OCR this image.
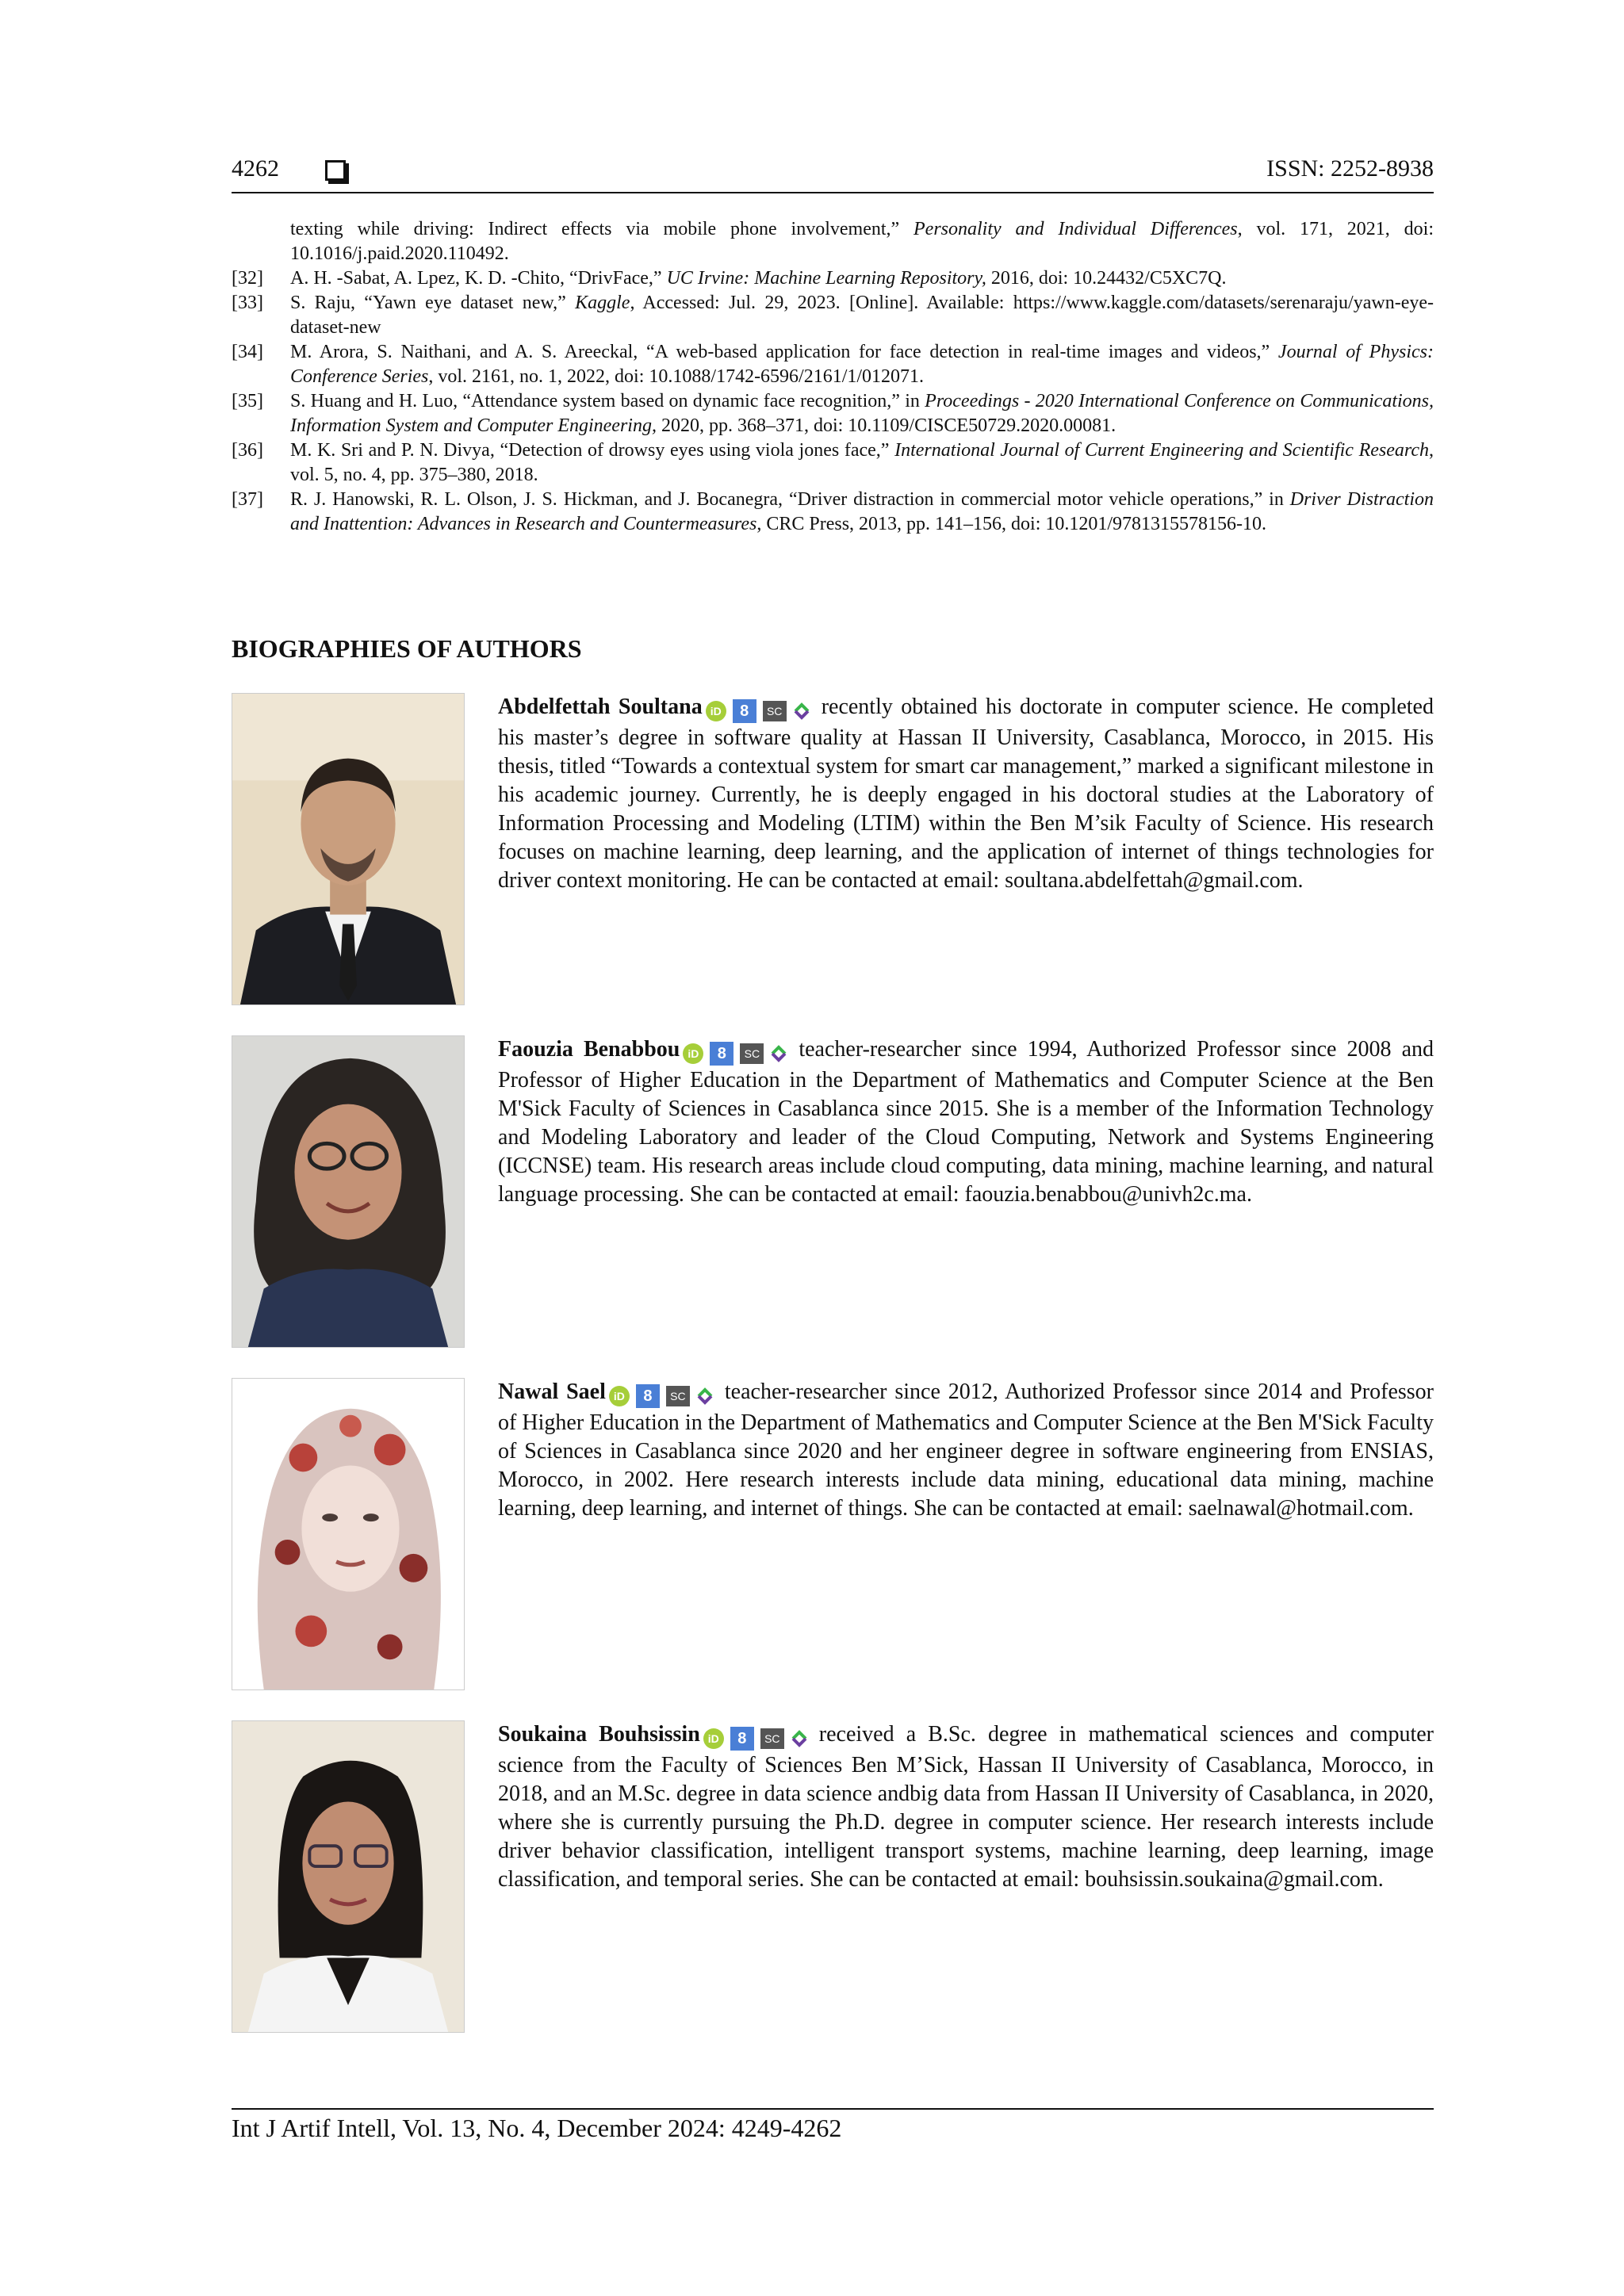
4262	ISSN: 2252-8938
texting while driving: Indirect effects via mobile phone involvement,” Personality and Individual Differences, vol. 171, 2021, doi: 10.1016/j.paid.2020.110492.
[32]	A. H. -Sabat, A. Lpez, K. D. -Chito, “DrivFace,” UC Irvine: Machine Learning Repository, 2016, doi: 10.24432/C5XC7Q.
[33]	S. Raju, “Yawn eye dataset new,” Kaggle, Accessed: Jul. 29, 2023. [Online]. Available: https://www.kaggle.com/datasets/serenaraju/yawn-eye-dataset-new
[34]	M. Arora, S. Naithani, and A. S. Areeckal, “A web-based application for face detection in real-time images and videos,” Journal of Physics: Conference Series, vol. 2161, no. 1, 2022, doi: 10.1088/1742-6596/2161/1/012071.
[35]	S. Huang and H. Luo, “Attendance system based on dynamic face recognition,” in Proceedings - 2020 International Conference on Communications, Information System and Computer Engineering, 2020, pp. 368–371, doi: 10.1109/CISCE50729.2020.00081.
[36]	M. K. Sri and P. N. Divya, “Detection of drowsy eyes using viola jones face,” International Journal of Current Engineering and Scientific Research, vol. 5, no. 4, pp. 375–380, 2018.
[37]	R. J. Hanowski, R. L. Olson, J. S. Hickman, and J. Bocanegra, “Driver distraction in commercial motor vehicle operations,” in Driver Distraction and Inattention: Advances in Research and Countermeasures, CRC Press, 2013, pp. 141–156, doi: 10.1201/9781315578156-10.
BIOGRAPHIES OF AUTHORS
Abdelfettah Soultana iD 8 SC recently obtained his doctorate in computer science. He completed his master’s degree in software quality at Hassan II University, Casablanca, Morocco, in 2015. His thesis, titled “Towards a contextual system for smart car management,” marked a significant milestone in his academic journey. Currently, he is deeply engaged in his doctoral studies at the Laboratory of Information Processing and Modeling (LTIM) within the Ben M’sik Faculty of Science. His research focuses on machine learning, deep learning, and the application of internet of things technologies for driver context monitoring. He can be contacted at email: soultana.abdelfettah@gmail.com.
Faouzia Benabbou iD 8 SC teacher-researcher since 1994, Authorized Professor since 2008 and Professor of Higher Education in the Department of Mathematics and Computer Science at the Ben M'Sick Faculty of Sciences in Casablanca since 2015. She is a member of the Information Technology and Modeling Laboratory and leader of the Cloud Computing, Network and Systems Engineering (ICCNSE) team. His research areas include cloud computing, data mining, machine learning, and natural language processing. She can be contacted at email: faouzia.benabbou@univh2c.ma.
Nawal Sael iD 8 SC teacher-researcher since 2012, Authorized Professor since 2014 and Professor of Higher Education in the Department of Mathematics and Computer Science at the Ben M'Sick Faculty of Sciences in Casablanca since 2020 and her engineer degree in software engineering from ENSIAS, Morocco, in 2002. Here research interests include data mining, educational data mining, machine learning, deep learning, and internet of things. She can be contacted at email: saelnawal@hotmail.com.
Soukaina Bouhsissin iD 8 SC received a B.Sc. degree in mathematical sciences and computer science from the Faculty of Sciences Ben M’Sick, Hassan II University of Casablanca, Morocco, in 2018, and an M.Sc. degree in data science andbig data from Hassan II University of Casablanca, in 2020, where she is currently pursuing the Ph.D. degree in computer science. Her research interests include driver behavior classification, intelligent transport systems, machine learning, deep learning, image classification, and temporal series. She can be contacted at email: bouhsissin.soukaina@gmail.com.
Int J Artif Intell, Vol. 13, No. 4, December 2024: 4249-4262
